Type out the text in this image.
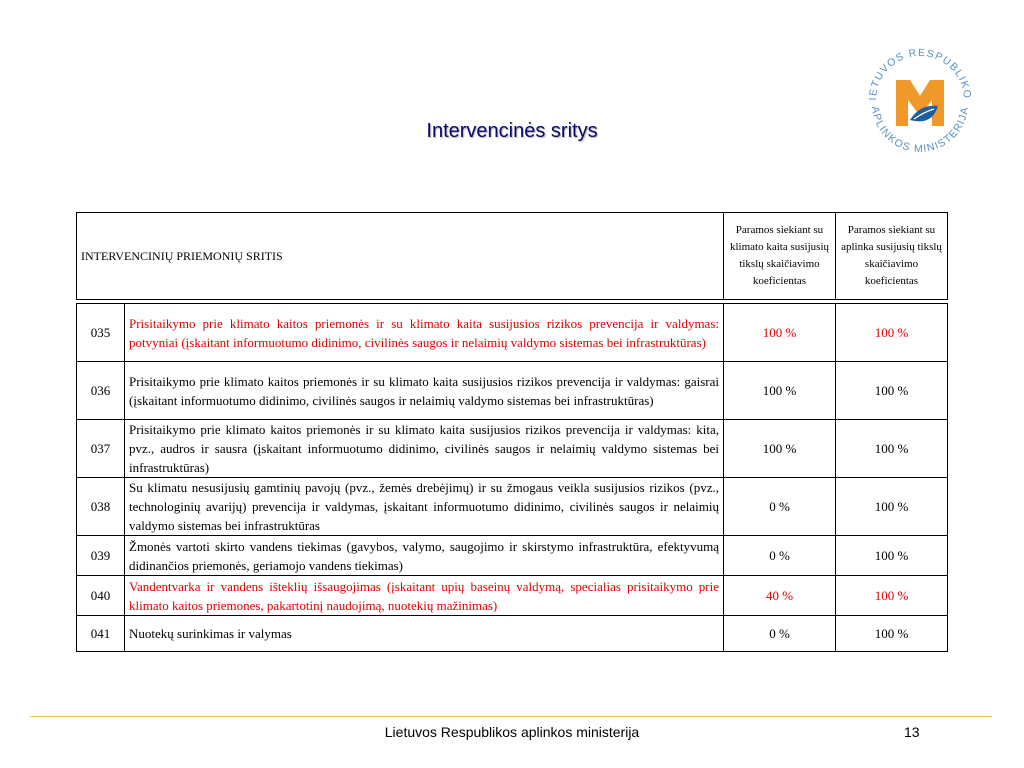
Intervencinės sritys
IETUVOS RESPUBLIKO
APLINKOS MINISTERIJA
INTERVENCINIŲ PRIEMONIŲ SRITIS		Paramos siekiant su klimato kaita susijusių tikslų skaičiavimo koeficientas	Paramos siekiant su aplinka susijusių tikslų skaičiavimo koeficientas

035	Prisitaikymo prie klimato kaitos priemonės ir su klimato kaita susijusios rizikos prevencija ir valdymas: potvyniai (įskaitant informuotumo didinimo, civilinės saugos ir nelaimių valdymo sistemas bei infrastruktūras)	100 %	100 %
036	Prisitaikymo prie klimato kaitos priemonės ir su klimato kaita susijusios rizikos prevencija ir valdymas: gaisrai (įskaitant informuotumo didinimo, civilinės saugos ir nelaimių valdymo sistemas bei infrastruktūras)	100 %	100 %
037	Prisitaikymo prie klimato kaitos priemonės ir su klimato kaita susijusios rizikos prevencija ir valdymas: kita, pvz., audros ir sausra (įskaitant informuotumo didinimo, civilinės saugos ir nelaimių valdymo sistemas bei infrastruktūras)	100 %	100 %
038	Su klimatu nesusijusių gamtinių pavojų (pvz., žemės drebėjimų) ir su žmogaus veikla susijusios rizikos (pvz., technologinių avarijų) prevencija ir valdymas, įskaitant informuotumo didinimo, civilinės saugos ir nelaimių valdymo sistemas bei infrastruktūras	0 %	100 %
039	Žmonės vartoti skirto vandens tiekimas (gavybos, valymo, saugojimo ir skirstymo infrastruktūra, efektyvumą didinančios priemonės, geriamojo vandens tiekimas)	0 %	100 %
040	Vandentvarka ir vandens išteklių išsaugojimas (įskaitant upių baseinų valdymą, specialias prisitaikymo prie klimato kaitos priemones, pakartotinį naudojimą, nuotekių mažinimas)	40 %	100 %
041	Nuotekų surinkimas ir valymas	0 %	100 %
Lietuvos Respublikos aplinkos ministerija	13
